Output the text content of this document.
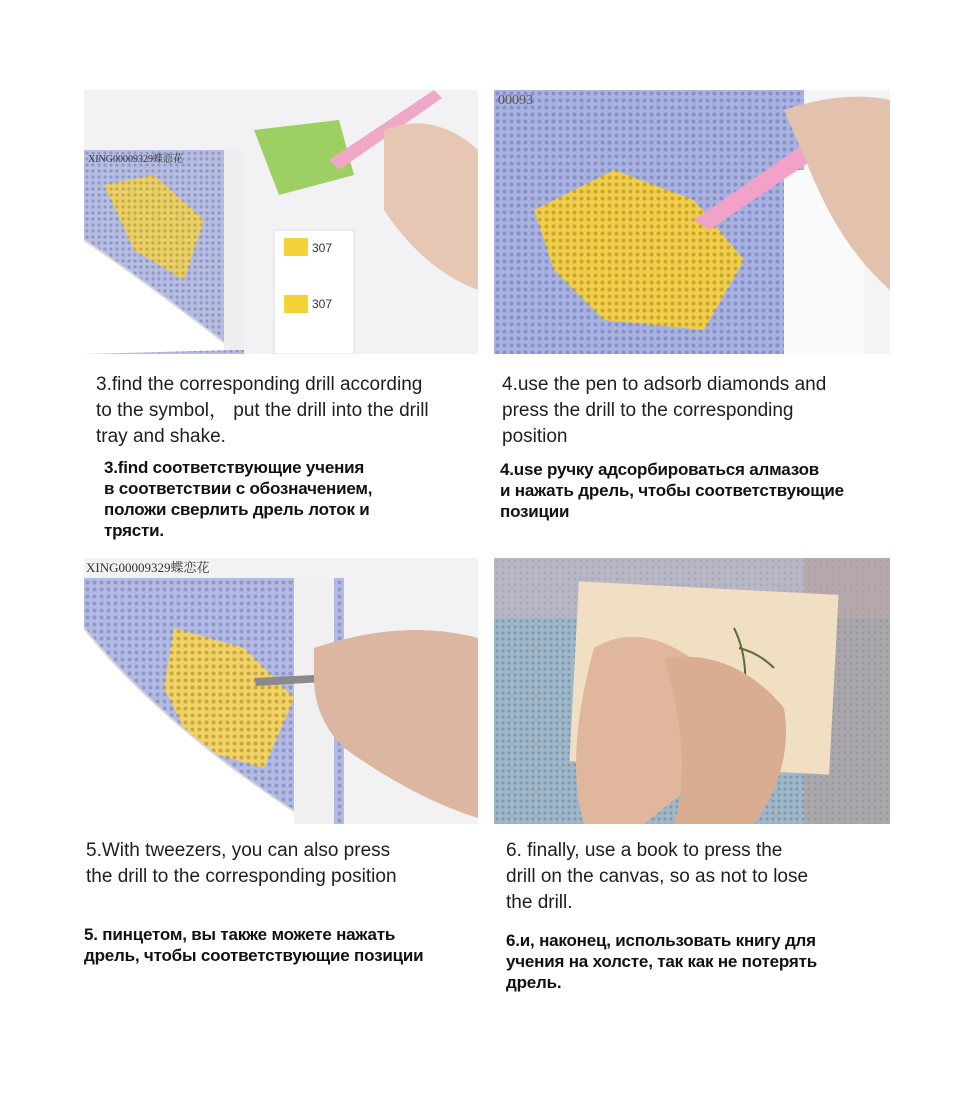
307
307
XING00009329蝶恋花
00093

3.find the corresponding drill according
to the symbol， put the drill into the drill
tray and shake.

3.find соответствующие учения
в соответствии с обозначением,
положи сверлить дрель лоток и
трясти.

4.use the pen to adsorb diamonds and
press the drill to the corresponding
position

4.use ручку адсорбироваться алмазов
и нажать дрель, чтобы соответствующие
позиции

XING00009329蝶恋花

5.With tweezers, you can also press
the drill to the corresponding position

5. пинцетом, вы также можете нажать
дрель, чтобы соответствующие позиции

6. finally, use a book to press the
drill on the canvas, so as not to lose
the drill.

6.и, наконец, использовать книгу для
учения на холсте, так как не потерять
дрель.
